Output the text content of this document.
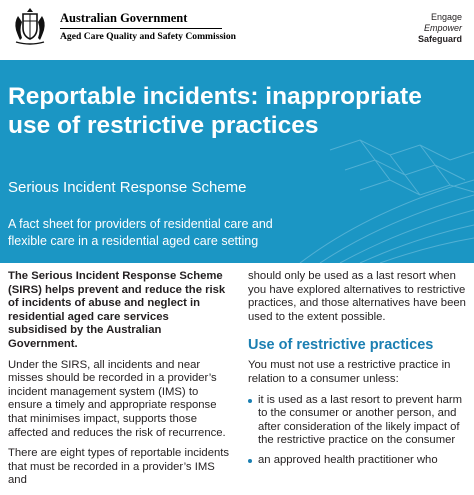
Australian Government
Aged Care Quality and Safety Commission
Engage
Empower
Safeguard
Reportable incidents: inappropriate use of restrictive practices
Serious Incident Response Scheme
A fact sheet for providers of residential care and flexible care in a residential aged care setting

The Serious Incident Response Scheme (SIRS) helps prevent and reduce the risk of incidents of abuse and neglect in residential aged care services subsidised by the Australian Government.

Under the SIRS, all incidents and near misses should be recorded in a provider’s incident management system (IMS) to ensure a timely and appropriate response that minimises impact, supports those affected and reduces the risk of recurrence.

There are eight types of reportable incidents that must be recorded in a provider’s IMS and

should only be used as a last resort when you have explored alternatives to restrictive practices, and those alternatives have been used to the extent possible.

Use of restrictive practices

You must not use a restrictive practice in relation to a consumer unless:

it is used as a last resort to prevent harm to the consumer or another person, and after consideration of the likely impact of the restrictive practice on the consumer
an approved health practitioner who
